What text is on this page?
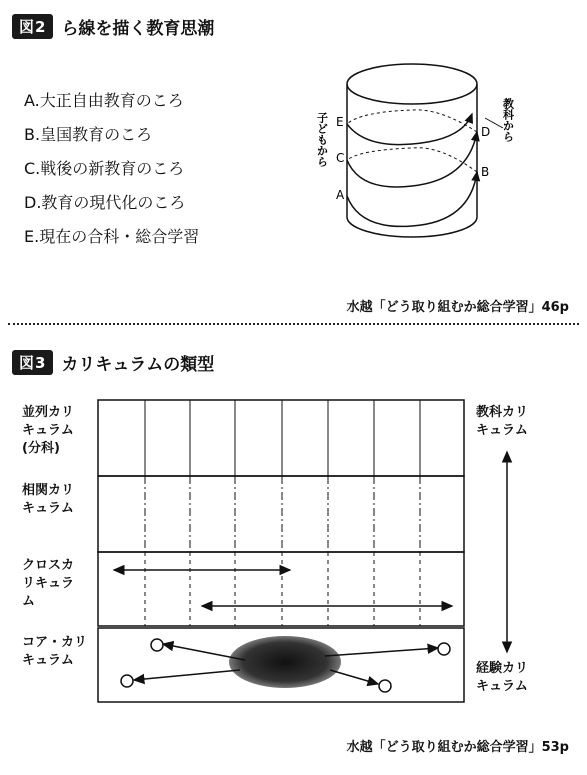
図2 ら線を描く教育思潮
A.大正自由教育のころ
B.皇国教育のころ
C.戦後の新教育のころ
D.教育の現代化のころ
E.現在の合科・総合学習
A
B
C
D
E
子どもから	教科から
水越「どう取り組むか総合学習」46p
図3 カリキュラムの類型
並列カリ
キュラム
(分科)
相関カリ
キュラム
クロスカ
リキュラ
ム
コア・カリ
キュラム
教科カリ
キュラム
経験カリ
キュラム
水越「どう取り組むか総合学習」53p
